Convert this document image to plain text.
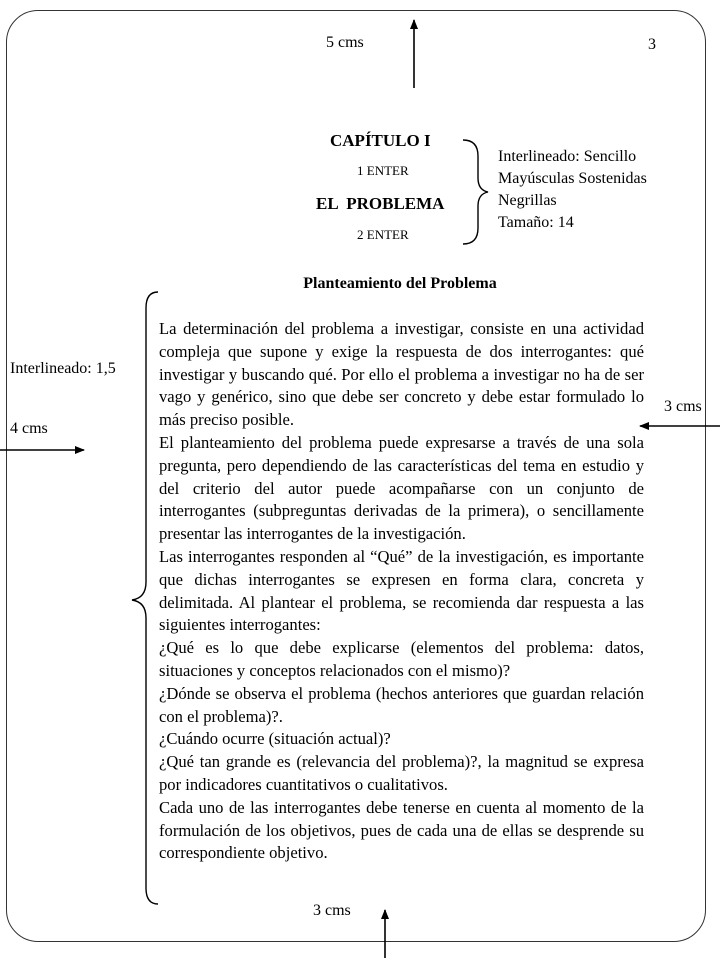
5 cms	3
CAPÍTULO I
1 ENTER
EL  PROBLEMA
2 ENTER
Interlineado: Sencillo
Mayúsculas Sostenidas
Negrillas
Tamaño: 14
Planteamiento del Problema
Interlineado: 1,5
4 cms
3 cms
3 cms

La determinación del problema a investigar, consiste en una actividad compleja que supone y exige la respuesta de dos interrogantes: qué investigar y buscando qué. Por ello el problema a investigar no ha de ser vago y genérico, sino que debe ser concreto y debe estar formulado lo más preciso posible.

El planteamiento del problema puede expresarse a través de una sola pregunta, pero dependiendo de las características del tema en estudio y del criterio del autor puede acompañarse con un conjunto de interrogantes (subpreguntas derivadas de la primera), o sencillamente presentar las interrogantes de la investigación.

Las interrogantes responden al “Qué” de la investigación, es importante que dichas interrogantes se expresen en forma clara, concreta y delimitada. Al plantear el problema, se recomienda dar respuesta a las siguientes interrogantes:

¿Qué es lo que debe explicarse (elementos del problema: datos, situaciones y conceptos relacionados con el mismo)?

¿Dónde se observa el problema (hechos anteriores que guardan relación con el problema)?.

¿Cuándo ocurre (situación actual)?

¿Qué tan grande es (relevancia del problema)?, la magnitud se expresa por indicadores cuantitativos o cualitativos.

Cada uno de las interrogantes debe tenerse en cuenta al momento de la formulación de los objetivos, pues de cada una de ellas se desprende su correspondiente objetivo.
